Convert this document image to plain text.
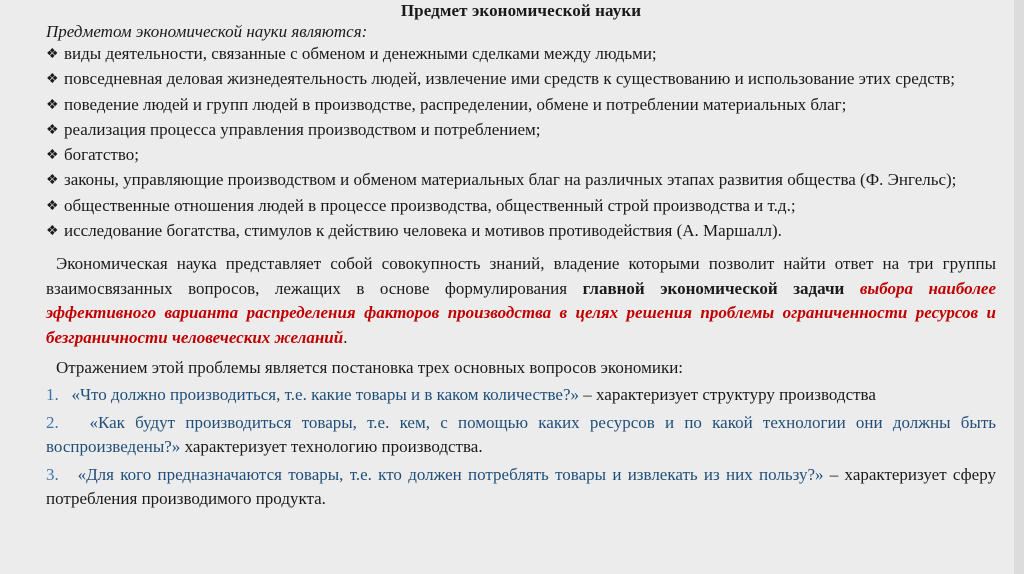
Предмет экономической науки

Предметом экономической науки являются:

❖ виды деятельности, связанные с обменом и денежными сделками между людьми;
❖ повседневная деловая жизнедеятельность людей, извлечение ими средств к существованию и использование этих средств;
❖ поведение людей и групп людей в производстве, распределении, обмене и потреблении материальных благ;
❖ реализация процесса управления производством и потреблением;
❖ богатство;
❖ законы, управляющие производством и обменом материальных благ на различных этапах развития общества (Ф. Энгельс);
❖ общественные отношения людей в процессе производства, общественный строй производства и т.д.;
❖ исследование богатства, стимулов к действию человека и мотивов противодействия (А. Маршалл).

Экономическая наука представляет собой совокупность знаний, владение которыми позволит найти ответ на три группы взаимосвязанных вопросов, лежащих в основе формулирования главной экономической задачи выбора наиболее эффективного варианта распределения факторов производства в целях решения проблемы ограниченности ресурсов и безграничности человеческих желаний.

Отражением этой проблемы является постановка трех основных вопросов экономики:

1. «Что должно производиться, т.е. какие товары и в каком количестве?» – характеризует структуру производства

2. «Как будут производиться товары, т.е. кем, с помощью каких ресурсов и по какой технологии они должны быть воспроизведены?» характеризует технологию производства.

3. «Для кого предназначаются товары, т.е. кто должен потреблять товары и извлекать из них пользу?» – характеризует сферу потребления производимого продукта.
